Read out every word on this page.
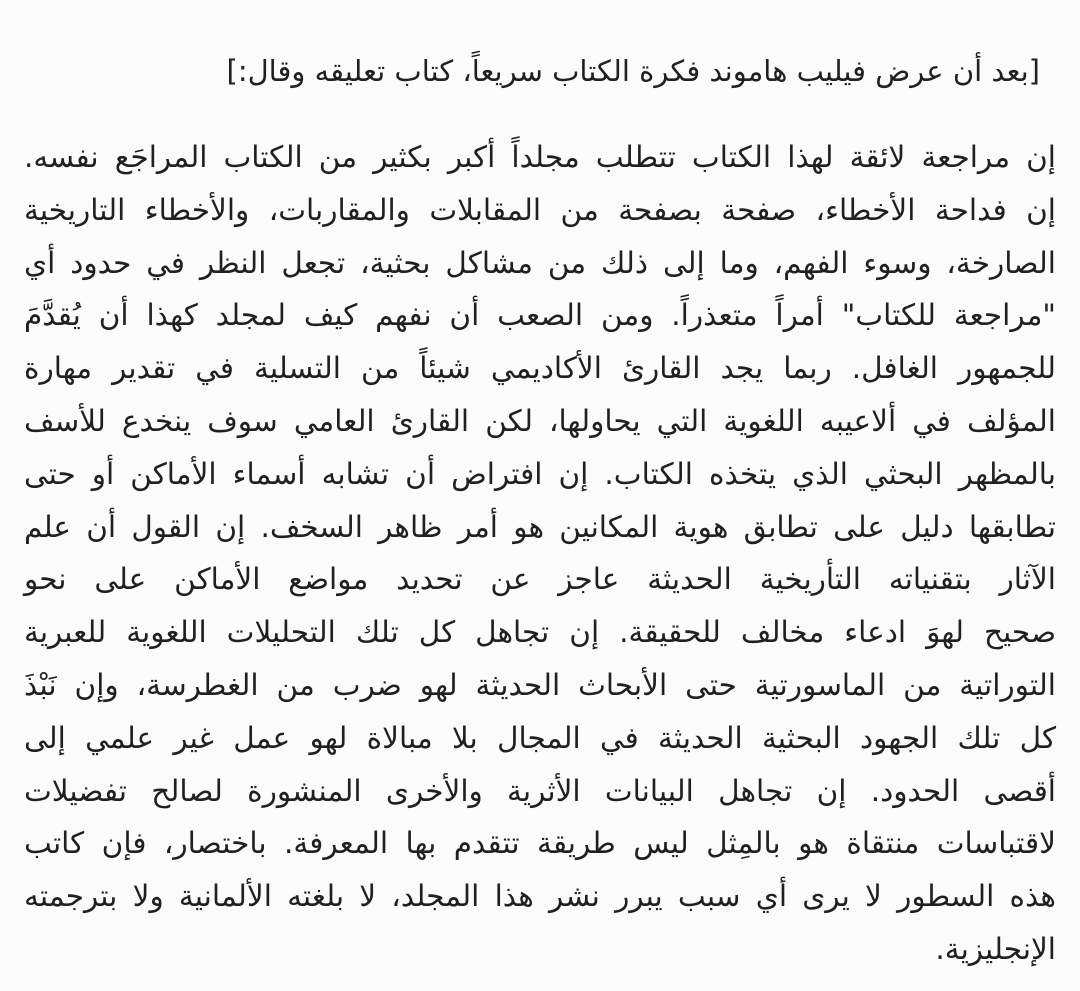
[بعد أن عرض فيليب هاموند فكرة الكتاب سريعاً، كتاب تعليقه وقال:]
إن مراجعة لائقة لهذا الكتاب تتطلب مجلداً أكبر بكثير من الكتاب المراجَع نفسه.
إن فداحة الأخطاء، صفحة بصفحة من المقابلات والمقاربات، والأخطاء التاريخية
الصارخة، وسوء الفهم، وما إلى ذلك من مشاكل بحثية، تجعل النظر في حدود أي
"مراجعة للكتاب" أمراً متعذراً. ومن الصعب أن نفهم كيف لمجلد كهذا أن يُقدَّمَ
للجمهور الغافل. ربما يجد القارئ الأكاديمي شيئاً من التسلية في تقدير مهارة
المؤلف في ألاعيبه اللغوية التي يحاولها، لكن القارئ العامي سوف ينخدع للأسف
بالمظهر البحثي الذي يتخذه الكتاب. إن افتراض أن تشابه أسماء الأماكن أو حتى
تطابقها دليل على تطابق هوية المكانين هو أمر ظاهر السخف. إن القول أن علم
الآثار بتقنياته التأريخية الحديثة عاجز عن تحديد مواضع الأماكن على نحو
صحيح لهوَ ادعاء مخالف للحقيقة. إن تجاهل كل تلك التحليلات اللغوية للعبرية
التوراتية من الماسورتية حتى الأبحاث الحديثة لهو ضرب من الغطرسة، وإن نَبْذَ
كل تلك الجهود البحثية الحديثة في المجال بلا مبالاة لهو عمل غير علمي إلى
أقصى الحدود. إن تجاهل البيانات الأثرية والأخرى المنشورة لصالح تفضيلات
لاقتباسات منتقاة هو بالمِثل ليس طريقة تتقدم بها المعرفة. باختصار، فإن كاتب
هذه السطور لا يرى أي سبب يبرر نشر هذا المجلد، لا بلغته الألمانية ولا بترجمته
الإنجليزية.
